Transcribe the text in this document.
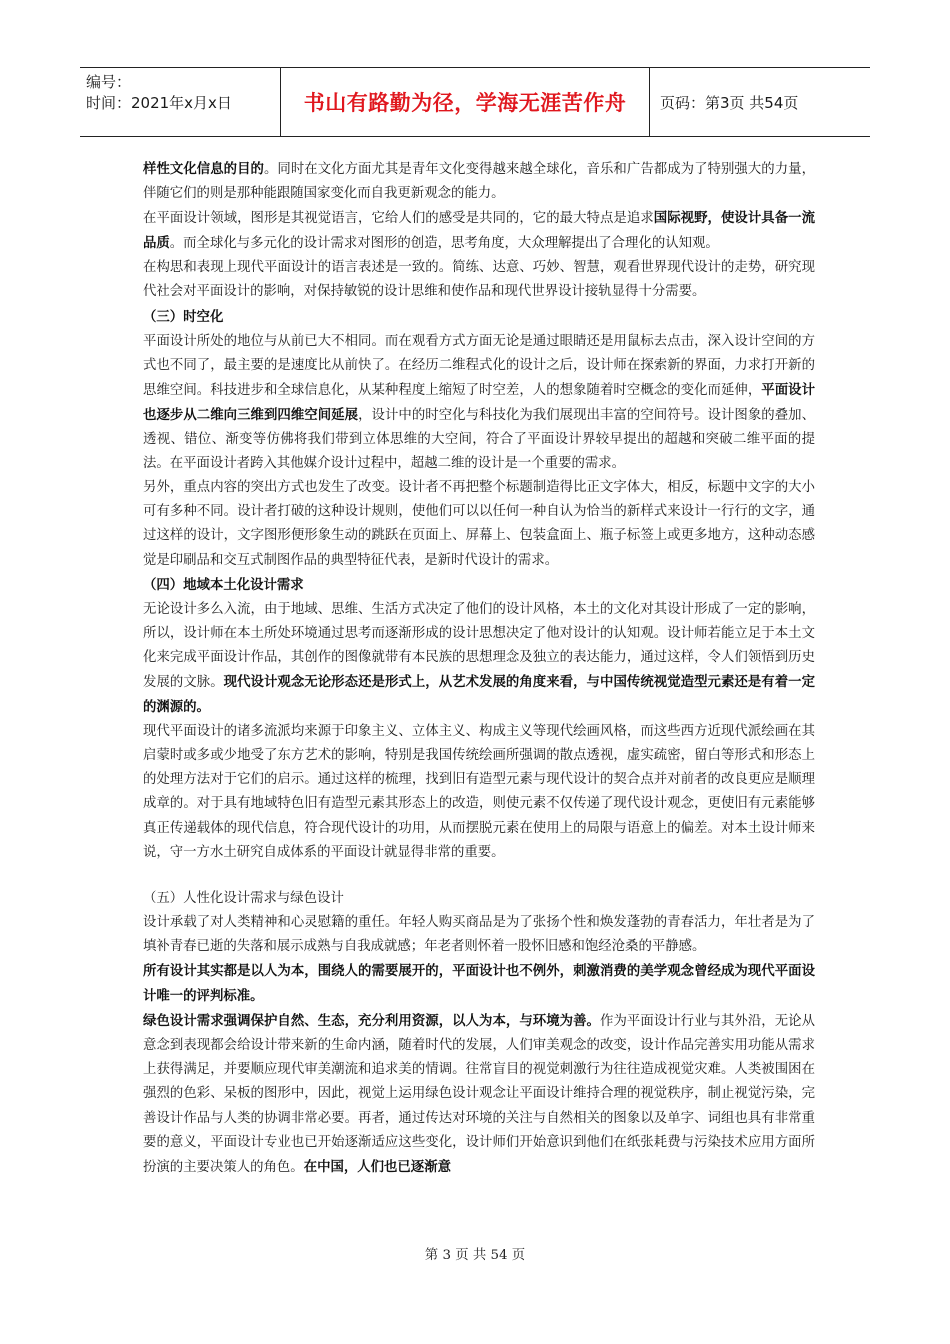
编号：
时间：2021年x月x日	书山有路勤为径，学海无涯苦作舟	页码：第3页 共54页

样性文化信息的目的。同时在文化方面尤其是青年文化变得越来越全球化，音乐和广告都成为了特别强大的力量，伴随它们的则是那种能跟随国家变化而自我更新观念的能力。

在平面设计领域，图形是其视觉语言，它给人们的感受是共同的，它的最大特点是追求国际视野，使设计具备一流品质。而全球化与多元化的设计需求对图形的创造，思考角度，大众理解提出了合理化的认知观。

在构思和表现上现代平面设计的语言表述是一致的。简练、达意、巧妙、智慧，观看世界现代设计的走势，研究现代社会对平面设计的影响，对保持敏锐的设计思维和使作品和现代世界设计接轨显得十分需要。

（三）时空化

平面设计所处的地位与从前已大不相同。而在观看方式方面无论是通过眼睛还是用鼠标去点击，深入设计空间的方式也不同了，最主要的是速度比从前快了。在经历二维程式化的设计之后，设计师在探索新的界面，力求打开新的思维空间。科技进步和全球信息化，从某种程度上缩短了时空差，人的想象随着时空概念的变化而延伸，平面设计也逐步从二维向三维到四维空间延展，设计中的时空化与科技化为我们展现出丰富的空间符号。设计图象的叠加、透视、错位、渐变等仿佛将我们带到立体思维的大空间，符合了平面设计界较早提出的超越和突破二维平面的提法。在平面设计者跨入其他媒介设计过程中，超越二维的设计是一个重要的需求。

另外，重点内容的突出方式也发生了改变。设计者不再把整个标题制造得比正文字体大，相反，标题中文字的大小可有多种不同。设计者打破的这种设计规则，使他们可以以任何一种自认为恰当的新样式来设计一行行的文字，通过这样的设计，文字图形便形象生动的跳跃在页面上、屏幕上、包装盒面上、瓶子标签上或更多地方，这种动态感觉是印刷品和交互式制图作品的典型特征代表，是新时代设计的需求。

（四）地域本土化设计需求

无论设计多么入流，由于地域、思维、生活方式决定了他们的设计风格，本土的文化对其设计形成了一定的影响，所以，设计师在本土所处环境通过思考而逐渐形成的设计思想决定了他对设计的认知观。设计师若能立足于本土文化来完成平面设计作品，其创作的图像就带有本民族的思想理念及独立的表达能力，通过这样，令人们领悟到历史发展的文脉。现代设计观念无论形态还是形式上，从艺术发展的角度来看，与中国传统视觉造型元素还是有着一定的渊源的。

现代平面设计的诸多流派均来源于印象主义、立体主义、构成主义等现代绘画风格，而这些西方近现代派绘画在其启蒙时或多或少地受了东方艺术的影响，特别是我国传统绘画所强调的散点透视，虚实疏密，留白等形式和形态上的处理方法对于它们的启示。通过这样的梳理，找到旧有造型元素与现代设计的契合点并对前者的改良更应是顺理成章的。对于具有地域特色旧有造型元素其形态上的改造，则使元素不仅传递了现代设计观念，更使旧有元素能够真正传递载体的现代信息，符合现代设计的功用，从而摆脱元素在使用上的局限与语意上的偏差。对本土设计师来说，守一方水土研究自成体系的平面设计就显得非常的重要。

（五）人性化设计需求与绿色设计

设计承载了对人类精神和心灵慰籍的重任。年轻人购买商品是为了张扬个性和焕发蓬勃的青春活力，年壮者是为了填补青春已逝的失落和展示成熟与自我成就感；年老者则怀着一股怀旧感和饱经沧桑的平静感。

所有设计其实都是以人为本，围绕人的需要展开的，平面设计也不例外，刺激消费的美学观念曾经成为现代平面设计唯一的评判标准。

绿色设计需求强调保护自然、生态，充分利用资源，以人为本，与环境为善。作为平面设计行业与其外沿，无论从意念到表现都会给设计带来新的生命内涵，随着时代的发展，人们审美观念的改变，设计作品完善实用功能从需求上获得满足，并要顺应现代审美潮流和追求美的情调。往常盲目的视觉刺激行为往往造成视觉灾难。人类被围困在强烈的色彩、呆板的图形中，因此，视觉上运用绿色设计观念让平面设计维持合理的视觉秩序，制止视觉污染，完善设计作品与人类的协调非常必要。再者，通过传达对环境的关注与自然相关的图象以及单字、词组也具有非常重要的意义，平面设计专业也已开始逐渐适应这些变化，设计师们开始意识到他们在纸张耗费与污染技术应用方面所扮演的主要决策人的角色。在中国，人们也已逐渐意

第 3 页 共 54 页
